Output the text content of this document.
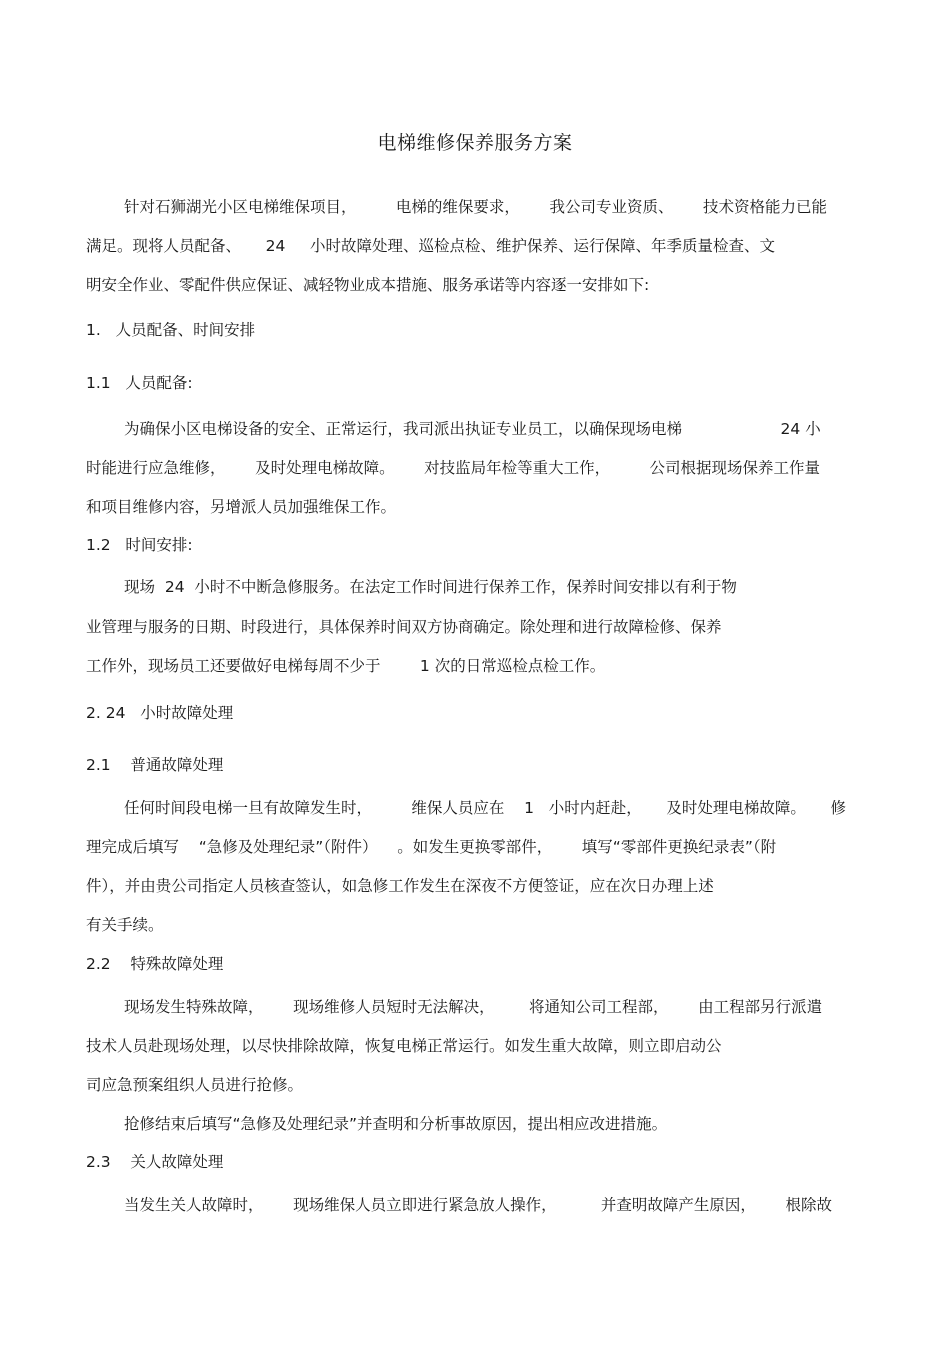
电梯维修保养服务方案
针对石狮湖光小区电梯维保项目，        电梯的维保要求，      我公司专业资质、      技术资格能力已能
满足。现将人员配备、     24     小时故障处理、巡检点检、维护保养、运行保障、年季质量检查、文
明安全作业、零配件供应保证、减轻物业成本措施、服务承诺等内容逐一安排如下:
1.   人员配备、时间安排
1.1   人员配备:
为确保小区电梯设备的安全、正常运行，我司派出执证专业员工，以确保现场电梯                    24 小
时能进行应急维修，      及时处理电梯故障。      对技监局年检等重大工作，        公司根据现场保养工作量
和项目维修内容，另增派人员加强维保工作。
1.2   时间安排:
现场  24  小时不中断急修服务。在法定工作时间进行保养工作，保养时间安排以有利于物
业管理与服务的日期、时段进行，具体保养时间双方协商确定。除处理和进行故障检修、保养
工作外，现场员工还要做好电梯每周不少于        1 次的日常巡检点检工作。
2. 24   小时故障处理
2.1    普通故障处理
任何时间段电梯一旦有故障发生时，        维保人员应在    1   小时内赶赴，     及时处理电梯故障。     修
理完成后填写    “急修及处理纪录”（附件）    。如发生更换零部件，      填写“零部件更换纪录表”（附
件），并由贵公司指定人员核查签认，如急修工作发生在深夜不方便签证，应在次日办理上述
有关手续。
2.2    特殊故障处理
现场发生特殊故障，      现场维修人员短时无法解决，       将通知公司工程部，      由工程部另行派遣
技术人员赴现场处理，以尽快排除故障，恢复电梯正常运行。如发生重大故障，则立即启动公
司应急预案组织人员进行抢修。
抢修结束后填写“急修及处理纪录”并查明和分析事故原因，提出相应改进措施。
2.3    关人故障处理
当发生关人故障时，      现场维保人员立即进行紧急放人操作，         并查明故障产生原因，      根除故
